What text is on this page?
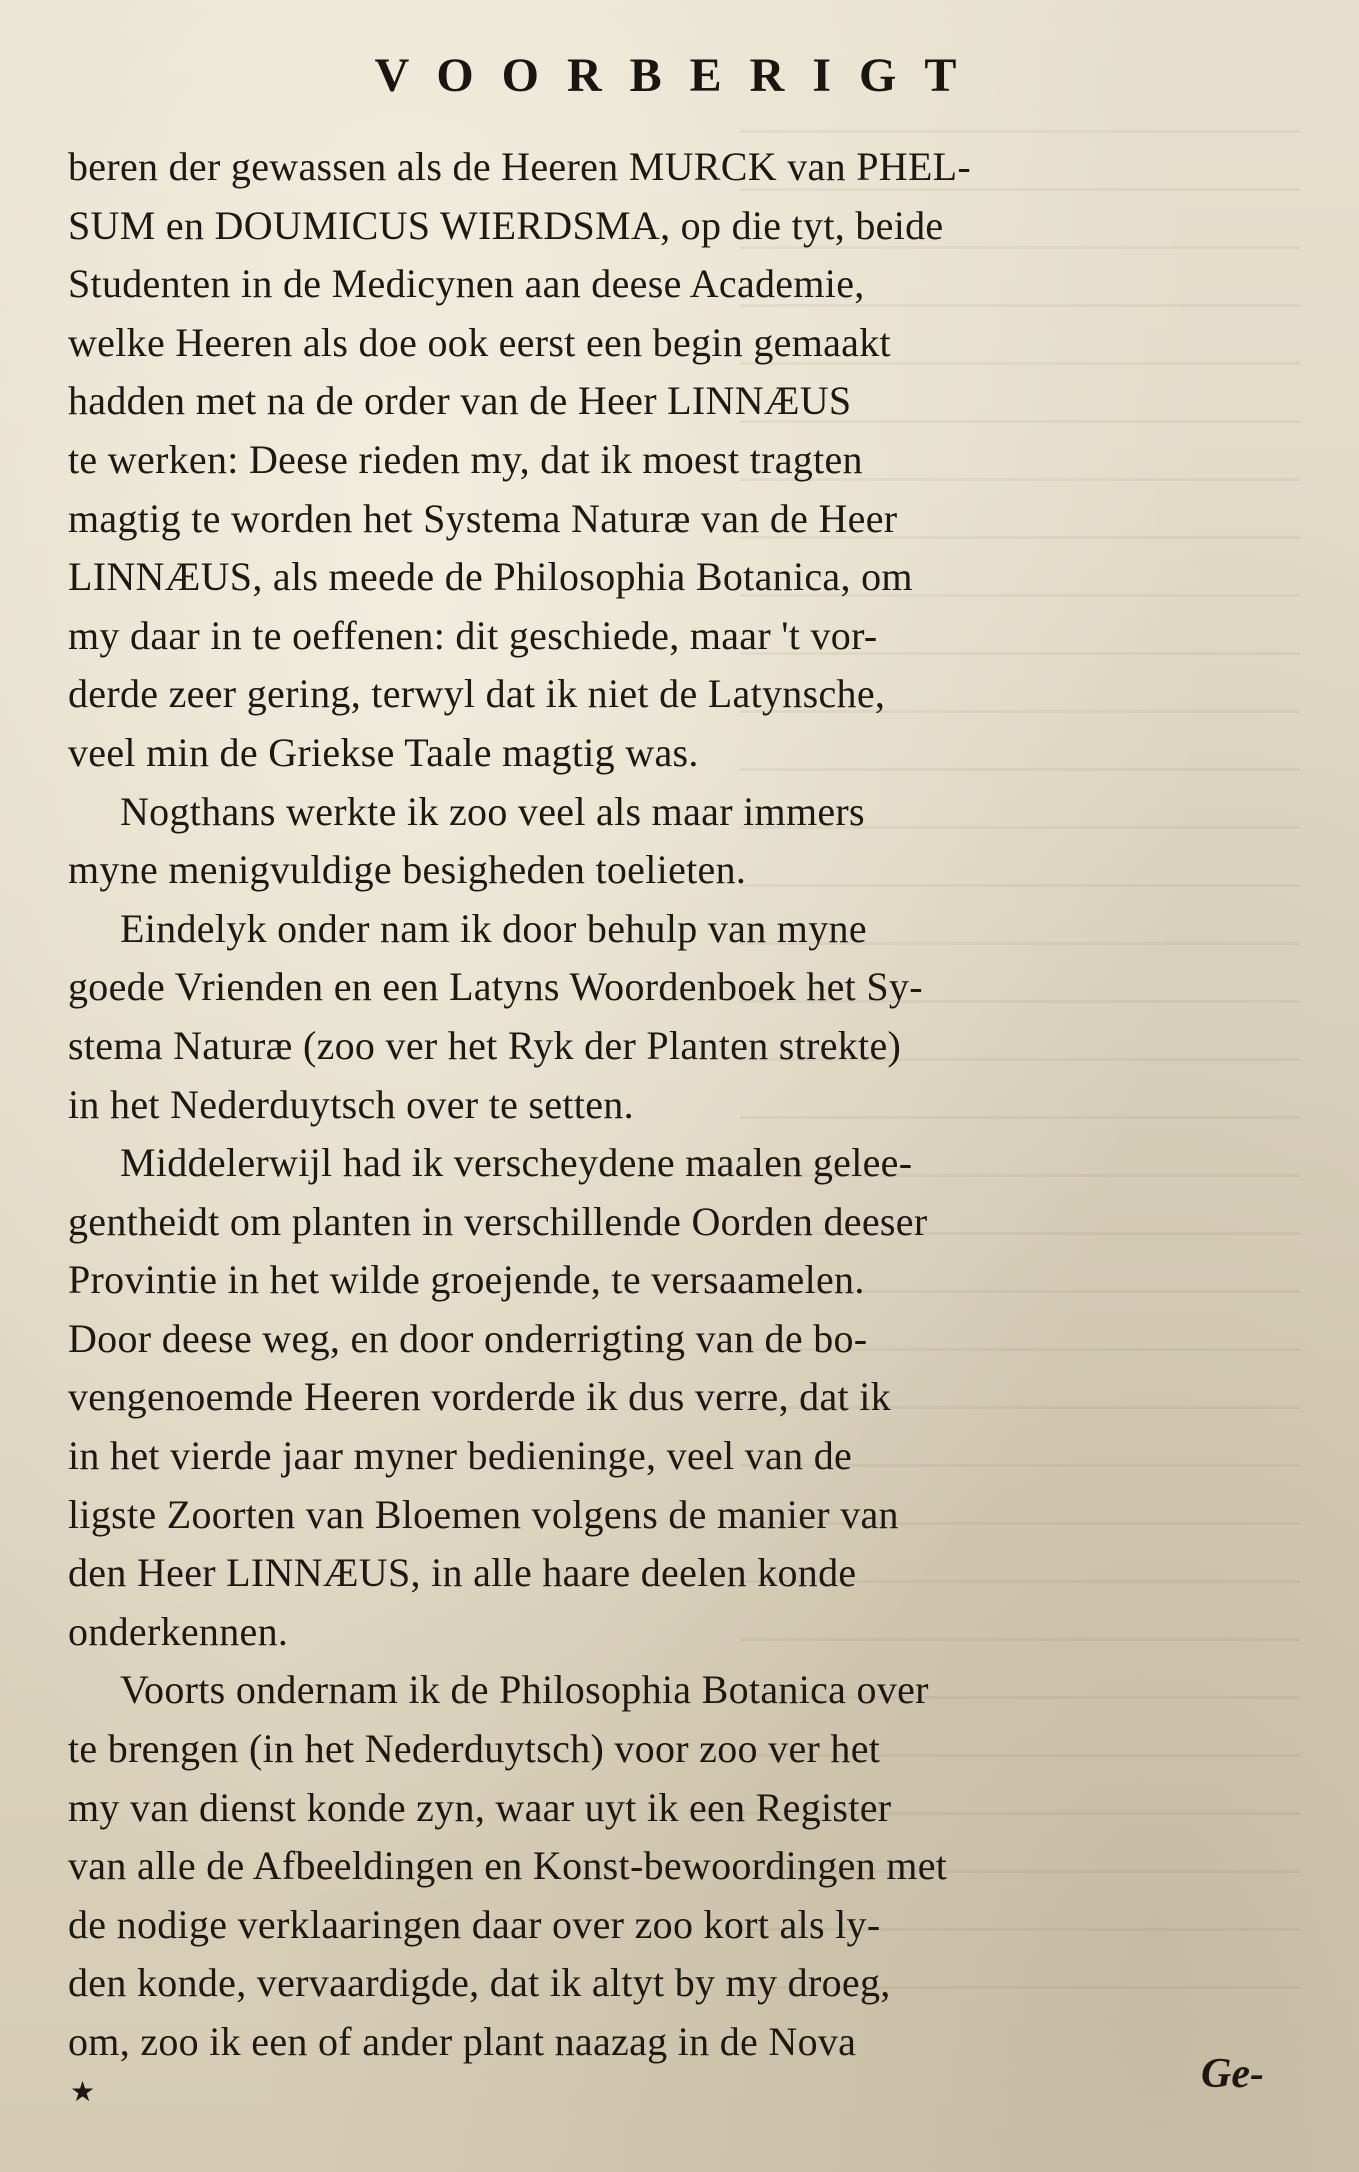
VOORBERIGT
beren der gewassen als de Heeren MURCK van PHEL-
SUM en DOUMICUS WIERDSMA, op die tyt, beide
Studenten in de Medicynen aan deese Academie,
welke Heeren als doe ook eerst een begin gemaakt
hadden met na de order van de Heer LINNÆUS
te werken: Deese rieden my, dat ik moest tragten
magtig te worden het Systema Naturæ van de Heer
LINNÆUS, als meede de Philosophia Botanica, om
my daar in te oeffenen: dit geschiede, maar 't vor-
derde zeer gering, terwyl dat ik niet de Latynsche,
veel min de Griekse Taale magtig was.
Nogthans werkte ik zoo veel als maar immers
myne menigvuldige besigheden toelieten.
Eindelyk onder nam ik door behulp van myne
goede Vrienden en een Latyns Woordenboek het Sy-
stema Naturæ (zoo ver het Ryk der Planten strekte)
in het Nederduytsch over te setten.
Middelerwijl had ik verscheydene maalen gelee-
gentheidt om planten in verschillende Oorden deeser
Provintie in het wilde groejende, te versaamelen.
Door deese weg, en door onderrigting van de bo-
vengenoemde Heeren vorderde ik dus verre, dat ik
in het vierde jaar myner bedieninge, veel van de
ligste Zoorten van Bloemen volgens de manier van
den Heer LINNÆUS, in alle haare deelen konde
onderkennen.
Voorts ondernam ik de Philosophia Botanica over
te brengen (in het Nederduytsch) voor zoo ver het
my van dienst konde zyn, waar uyt ik een Register
van alle de Afbeeldingen en Konst-bewoordingen met
de nodige verklaaringen daar over zoo kort als ly-
den konde, vervaardigde, dat ik altyt by my droeg,
om, zoo ik een of ander plant naazag in de Nova
★	Ge-
